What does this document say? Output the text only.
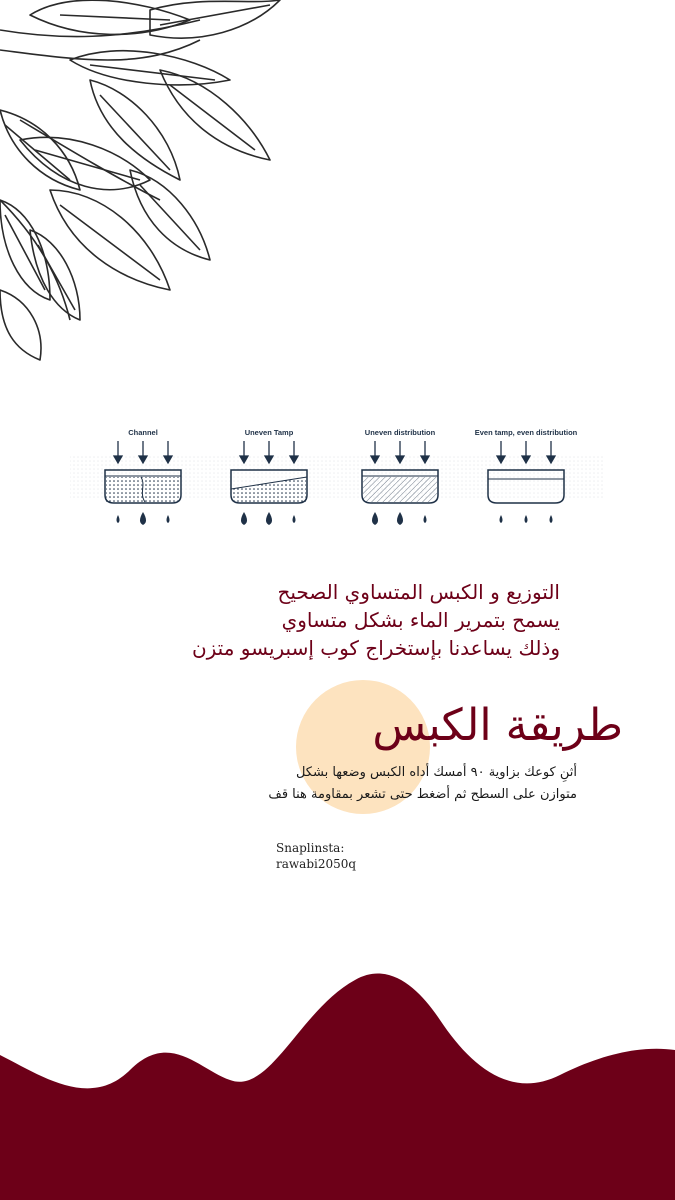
Channel	Uneven Tamp	Uneven distribution	Even tamp, even distribution
التوزيع و الكبس المتساوي الصحيح
يسمح بتمرير الماء بشكل متساوي
وذلك يساعدنا بإستخراج كوب إسبريسو متزن
طريقة الكبس
أثنِ كوعك بزاوية ٩٠ أمسك أداه الكبس وضعها بشكل
متوازن على السطح ثم أضغط حتى تشعر بمقاومة هنا قف
Snaplinsta:
rawabi2050q
